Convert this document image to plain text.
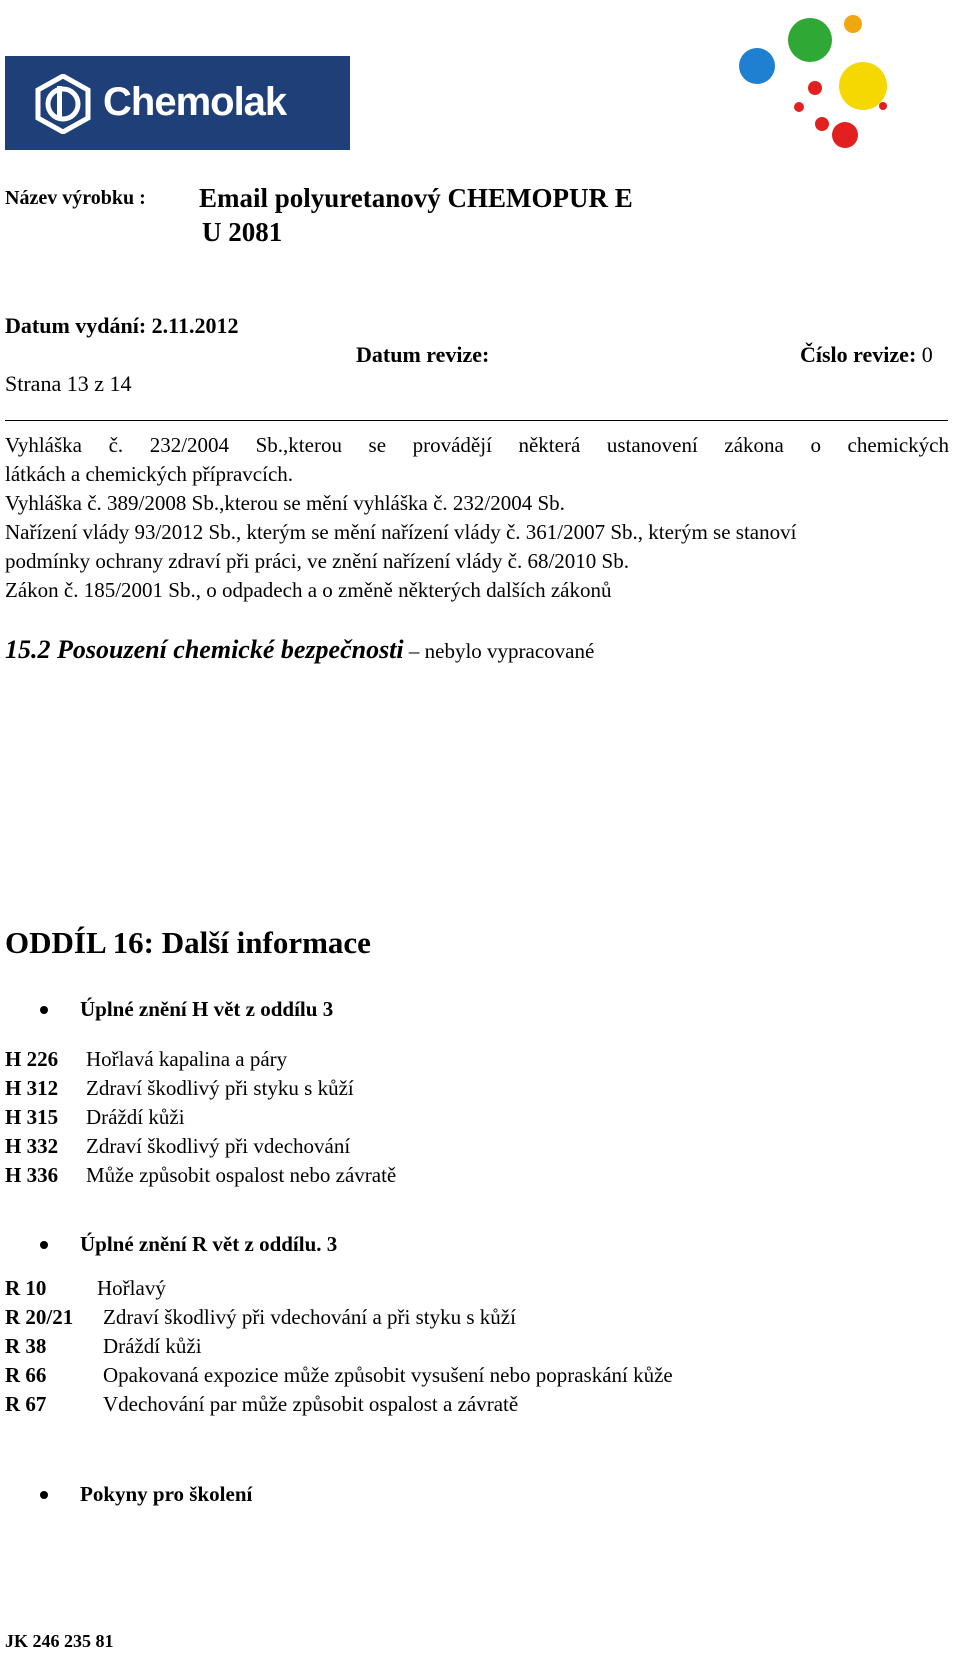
Chemolak
Název výrobku : Email polyuretanový CHEMOPUR E
U 2081
Datum vydání: 2.11.2012
Datum revize:	Číslo revize: 0
Strana 13 z 14
Vyhláška č. 232/2004 Sb.,kterou se provádějí některá ustanovení zákona o chemických
látkách a chemických přípravcích.
Vyhláška č. 389/2008 Sb.,kterou se mění vyhláška č. 232/2004 Sb.
Nařízení vlády 93/2012 Sb., kterým se mění nařízení vlády č. 361/2007 Sb., kterým se stanoví
podmínky ochrany zdraví při práci, ve znění nařízení vlády č. 68/2010 Sb.
Zákon č. 185/2001 Sb., o odpadech a o změně některých dalších zákonů
15.2 Posouzení chemické bezpečnosti – nebylo vypracované
ODDÍL 16: Další informace
Úplné znění H vět z oddílu 3
H 226 Hořlavá kapalina a páry
H 312 Zdraví škodlivý při styku s kůží
H 315 Dráždí kůži
H 332 Zdraví škodlivý při vdechování
H 336 Může způsobit ospalost nebo závratě
Úplné znění R vět z oddílu. 3
R 10 Hořlavý
R 20/21 Zdraví škodlivý při vdechování a při styku s kůží
R 38	Dráždí kůži
R 66	Opakovaná expozice může způsobit vysušení nebo popraskání kůže
R 67	Vdechování par může způsobit ospalost a závratě
Pokyny pro školení
JK 246 235 81
